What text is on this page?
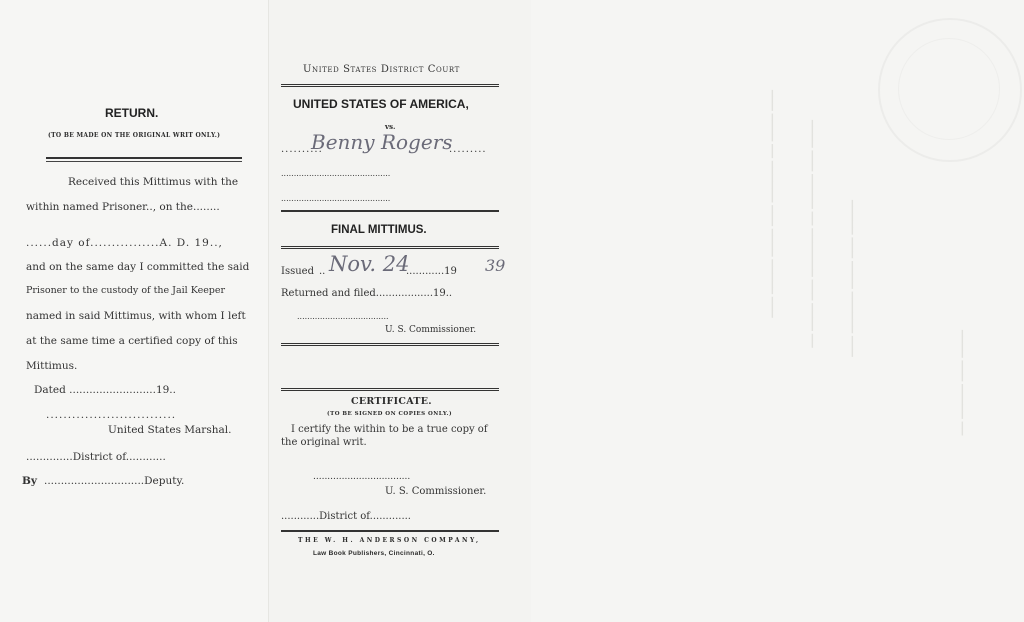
RETURN.
(TO BE MADE ON THE ORIGINAL WRIT ONLY.)
Received this Mittimus with the
within named Prisoner.., on the........
......day of................A. D. 19..,
and on the same day I committed the said
Prisoner to the custody of the Jail Keeper
named in said Mittimus, with whom I left
at the same time a certified copy of this
Mittimus.
Dated ..........................19..
..............................
United States Marshal.
..............District of............
By ..............................Deputy.
United States District Court
UNITED STATES OF AMERICA,
vs.
..........
Benny Rogers
.........
...........................................
...........................................
FINAL MITTIMUS.
Issued .. Nov. 24
............19 39
Returned and filed..................19..
....................................
U. S. Commissioner.
CERTIFICATE.
(TO BE SIGNED ON COPIES ONLY.)
I certify the within to be a true copy of
the original writ.
..................................
U. S. Commissioner.
............District of.............
THE W. H. ANDERSON COMPANY,
Law Book Publishers, Cincinnati, O.
▁▁▁ ▁▁▁▁ ▁▁ ▁▁▁▁▁▁ ▁▁▁ ▁▁▁▁ ▁▁▁▁▁ ▁▁▁	▁▁▁▁ ▁▁▁ ▁▁▁▁▁ ▁▁ ▁▁▁▁▁▁▁ ▁▁▁ ▁▁▁▁ ▁▁	▁▁▁▁▁ ▁▁▁ ▁▁▁▁ ▁▁▁▁▁▁ ▁▁▁
▁▁▁▁ ▁▁▁ ▁▁▁▁▁ ▁▁
